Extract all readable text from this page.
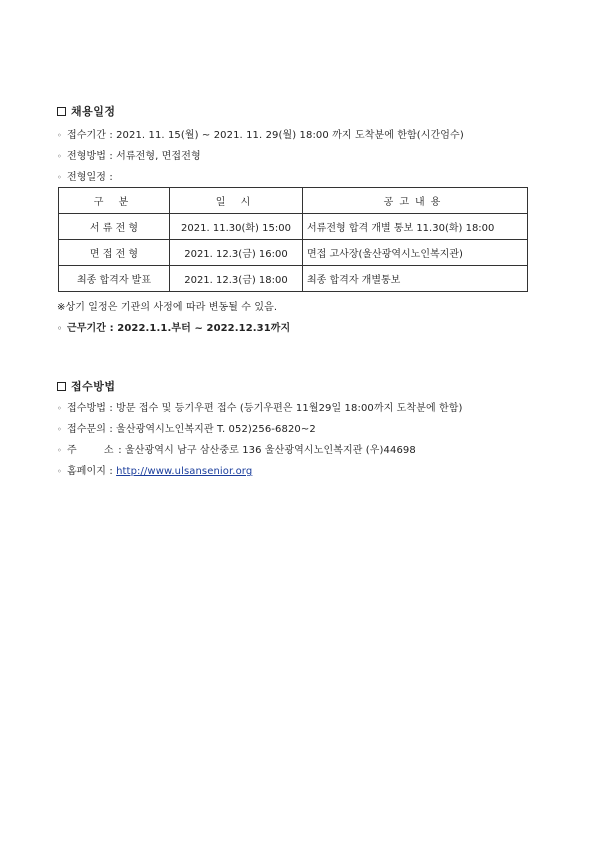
채용일정
◦ 접수기간 : 2021. 11. 15(월) ~ 2021. 11. 29(월) 18:00 까지 도착분에 한함(시간엄수)
◦ 전형방법 : 서류전형, 면접전형
◦ 전형일정 :
구 분	일 시	공고내용
서 류 전 형	2021. 11.30(화) 15:00	서류전형 합격 개별 통보 11.30(화) 18:00
면 접 전 형	2021. 12.3(금) 16:00	면접 고사장(울산광역시노인복지관)
최종 합격자 발표	2021. 12.3(금) 18:00	최종 합격자 개별통보
※상기 일정은 기관의 사정에 따라 변동될 수 있음.
◦ 근무기간 : 2022.1.1.부터 ~ 2022.12.31까지
접수방법
◦ 접수방법 : 방문 접수 및 등기우편 접수 (등기우편은 11월29일 18:00까지 도착분에 한함)
◦ 접수문의 : 울산광역시노인복지관 T. 052)256-6820~2
◦ 주 소 : 울산광역시 남구 삼산중로 136 울산광역시노인복지관 (우)44698
◦ 홈페이지 : http://www.ulsansenior.org
